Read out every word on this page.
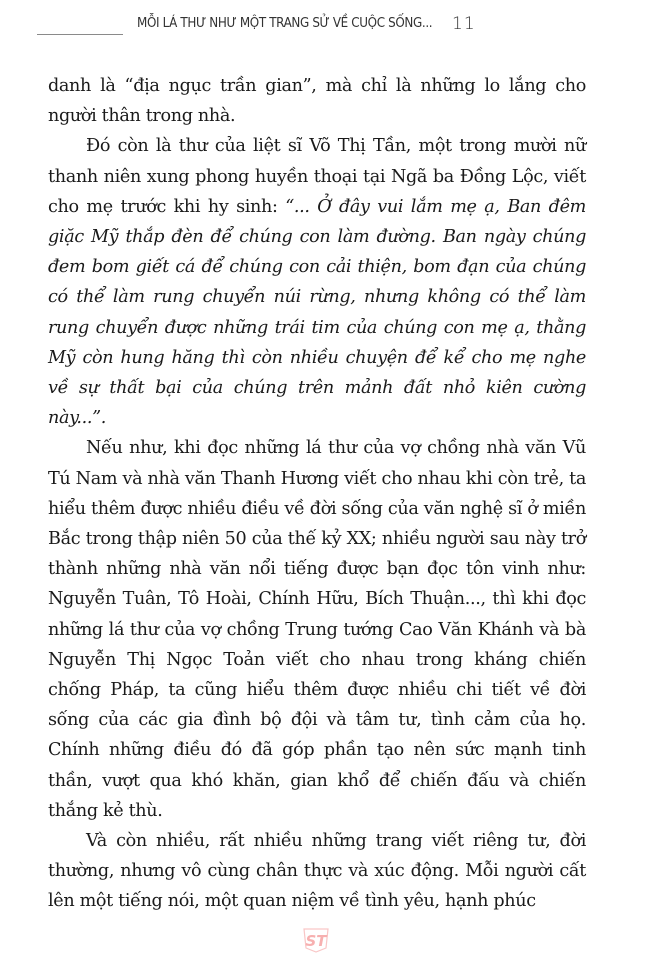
MỖI LÁ THƯ NHƯ MỘT TRANG SỬ VỀ CUỘC SỐNG... 11

danh là “địa ngục trần gian”, mà chỉ là những lo lắng cho người thân trong nhà.

Đó còn là thư của liệt sĩ Võ Thị Tần, một trong mười nữ thanh niên xung phong huyền thoại tại Ngã ba Đồng Lộc, viết cho mẹ trước khi hy sinh: “... Ở đây vui lắm mẹ ạ, Ban đêm giặc Mỹ thắp đèn để chúng con làm đường. Ban ngày chúng đem bom giết cá để chúng con cải thiện, bom đạn của chúng có thể làm rung chuyển núi rừng, nhưng không có thể làm rung chuyển được những trái tim của chúng con mẹ ạ, thằng Mỹ còn hung hăng thì còn nhiều chuyện để kể cho mẹ nghe về sự thất bại của chúng trên mảnh đất nhỏ kiên cường này...”.

Nếu như, khi đọc những lá thư của vợ chồng nhà văn Vũ Tú Nam và nhà văn Thanh Hương viết cho nhau khi còn trẻ, ta hiểu thêm được nhiều điều về đời sống của văn nghệ sĩ ở miền Bắc trong thập niên 50 của thế kỷ XX; nhiều người sau này trở thành những nhà văn nổi tiếng được bạn đọc tôn vinh như: Nguyễn Tuân, Tô Hoài, Chính Hữu, Bích Thuận..., thì khi đọc những lá thư của vợ chồng Trung tướng Cao Văn Khánh và bà Nguyễn Thị Ngọc Toản viết cho nhau trong kháng chiến chống Pháp, ta cũng hiểu thêm được nhiều chi tiết về đời sống của các gia đình bộ đội và tâm tư, tình cảm của họ. Chính những điều đó đã góp phần tạo nên sức mạnh tinh thần, vượt qua khó khăn, gian khổ để chiến đấu và chiến thắng kẻ thù.

Và còn nhiều, rất nhiều những trang viết riêng tư, đời thường, nhưng vô cùng chân thực và xúc động. Mỗi người cất lên một tiếng nói, một quan niệm về tình yêu, hạnh phúc

ST
